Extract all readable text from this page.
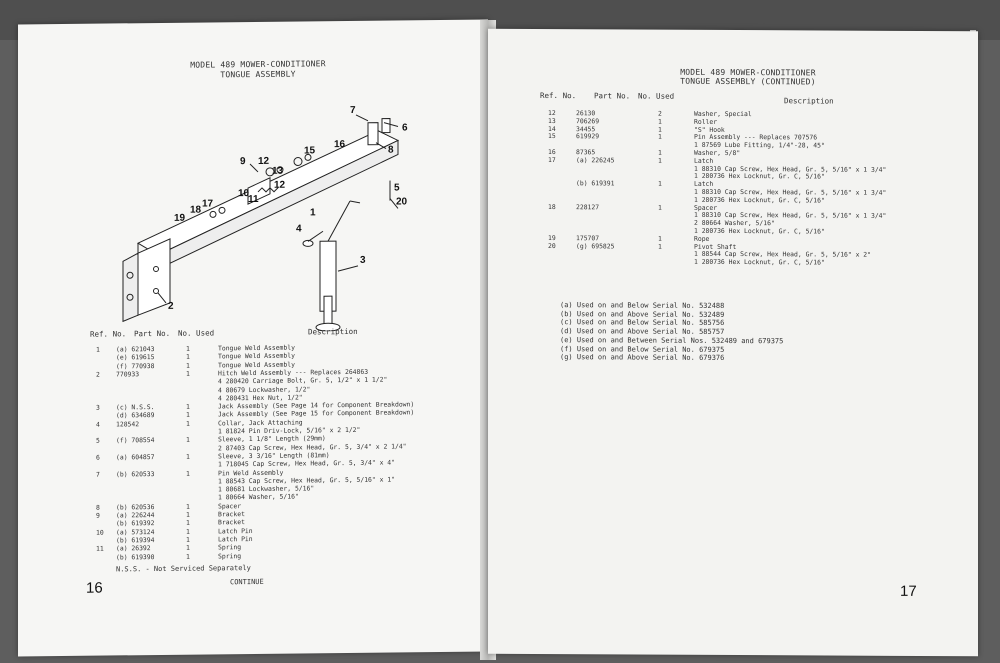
MODEL 489 MOWER-CONDITIONER
TONGUE ASSEMBLY
7
6
8
9 12
13
15
16
10
11
12	5
20
17
18
19
4
1
3
2
Ref. No. Part No. No. Used	Description
1	(a) 621043	1	Tongue Weld Assembly
(e) 619615	1	Tongue Weld Assembly
(f) 770938	1	Tongue Weld Assembly
2	770933	1	Hitch Weld Assembly --- Replaces 264863
4 280420 Carriage Bolt, Gr. 5, 1/2" x 1 1/2"
4 80679 Lockwasher, 1/2"
4 280431 Hex Nut, 1/2"
3	(c) N.S.S.	1	Jack Assembly (See Page 14 for Component Breakdown)
(d) 634689	1	Jack Assembly (See Page 15 for Component Breakdown)
4	128542	1	Collar, Jack Attaching
1 81824 Pin Driv-Lock, 5/16" x 2 1/2"
5	(f) 708554	1	Sleeve, 1 1/8" Length (29mm)
2 87403 Cap Screw, Hex Head, Gr. 5, 3/4" x 2 1/4"
6	(a) 604857	1	Sleeve, 3 3/16" Length (81mm)
1 718045 Cap Screw, Hex Head, Gr. 5, 3/4" x 4"
7	(b) 620533	1	Pin Weld Assembly
1 88543 Cap Screw, Hex Head, Gr. 5, 5/16" x 1"
1 80681 Lockwasher, 5/16"
1 80664 Washer, 5/16"
8	(b) 620536	1	Spacer
9	(a) 226244	1	Bracket
(b) 619392	1	Bracket
10 (a) 573124	1	Latch Pin
(b) 619394	1	Latch Pin
11 (a) 26392	1	Spring
(b) 619390	1	Spring
N.S.S. - Not Serviced Separately
CONTINUE
16
MODEL 489 MOWER-CONDITIONER
TONGUE ASSEMBLY (CONTINUED)
Ref. No. Part No. No. Used
Description
12	26130	2	Washer, Special
13	706269	1	Roller
14	34455	1	"S" Hook
15	619929	1	Pin Assembly --- Replaces 707576
1 87569 Lube Fitting, 1/4"-28, 45°
16	87365	1	Washer, 5/8"
17	(a) 226245	1	Latch
1 88310 Cap Screw, Hex Head, Gr. 5, 5/16" x 1 3/4"
1 280736 Hex Locknut, Gr. C, 5/16"
(b) 619391	1	Latch
1 88310 Cap Screw, Hex Head, Gr. 5, 5/16" x 1 3/4"
1 280736 Hex Locknut, Gr. C, 5/16"
18	228127	1	Spacer
1 88310 Cap Screw, Hex Head, Gr. 5, 5/16" x 1 3/4"
2 80664 Washer, 5/16"
1 280736 Hex Locknut, Gr. C, 5/16"
19	175707	1	Rope
20	(g) 695825	1	Pivot Shaft
1 88544 Cap Screw, Hex Head, Gr. 5, 5/16" x 2"
1 280736 Hex Locknut, Gr. C, 5/16"
(a) Used on and Below Serial No. 532488
(b) Used on and Above Serial No. 532489
(c) Used on and Below Serial No. 585756
(d) Used on and Above Serial No. 585757
(e) Used on and Between Serial Nos. 532489 and 679375
(f) Used on and Below Serial No. 679375
(g) Used on and Above Serial No. 679376
17
